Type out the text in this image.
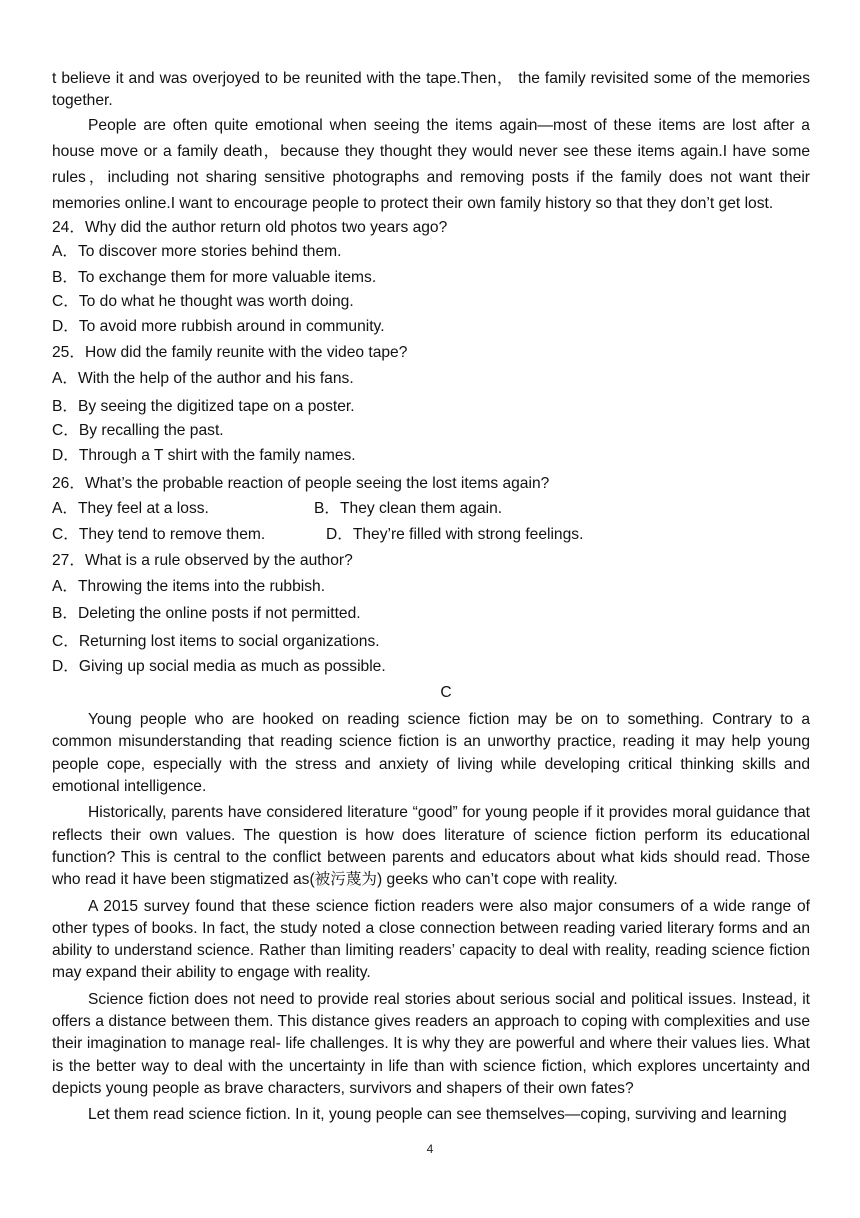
t believe it and was overjoyed to be reunited with the tape.Then， the family revisited some of the memories together.

People are often quite emotional when seeing the items again—most of these items are lost after a house move or a family death，because they thought they would never see these items again.I have some rules，including not sharing sensitive photographs and removing posts if the family does not want their memories online.I want to encourage people to protect their own family history so that they don’t get lost.

24．Why did the author return old photos two years ago?

A．To discover more stories behind them.

B．To exchange them for more valuable items.

C．To do what he thought was worth doing.

D．To avoid more rubbish around in community.

25．How did the family reunite with the video tape?

A．With the help of the author and his fans.

B．By seeing the digitized tape on a poster.

C．By recalling the past.

D．Through a T shirt with the family names.

26．What’s the probable reaction of people seeing the lost items again?

A．They feel at a loss.	B．They clean them again.
C．They tend to remove them.	D．They’re filled with strong feelings.

27．What is a rule observed by the author?

A．Throwing the items into the rubbish.

B．Deleting the online posts if not permitted.

C．Returning lost items to social organizations.

D．Giving up social media as much as possible.

C

Young people who are hooked on reading science fiction may be on to something. Contrary to a common misunderstanding that reading science fiction is an unworthy practice, reading it may help young people cope, especially with the stress and anxiety of living while developing critical thinking skills and emotional intelligence.

Historically, parents have considered literature “good” for young people if it provides moral guidance that reflects their own values. The question is how does literature of science fiction perform its educational function? This is central to the conflict between parents and educators about what kids should read. Those who read it have been stigmatized as(被污蔑为) geeks who can’t cope with reality.

A 2015 survey found that these science fiction readers were also major consumers of a wide range of other types of books. In fact, the study noted a close connection between reading varied literary forms and an ability to understand science. Rather than limiting readers’ capacity to deal with reality, reading science fiction may expand their ability to engage with reality.

Science fiction does not need to provide real stories about serious social and political issues. Instead, it offers a distance between them. This distance gives readers an approach to coping with complexities and use their imagination to manage real- life challenges. It is why they are powerful and where their values lies. What is the better way to deal with the uncertainty in life than with science fiction, which explores uncertainty and depicts young people as brave characters, survivors and shapers of their own fates?

Let them read science fiction. In it, young people can see themselves—coping, surviving and learning

4
